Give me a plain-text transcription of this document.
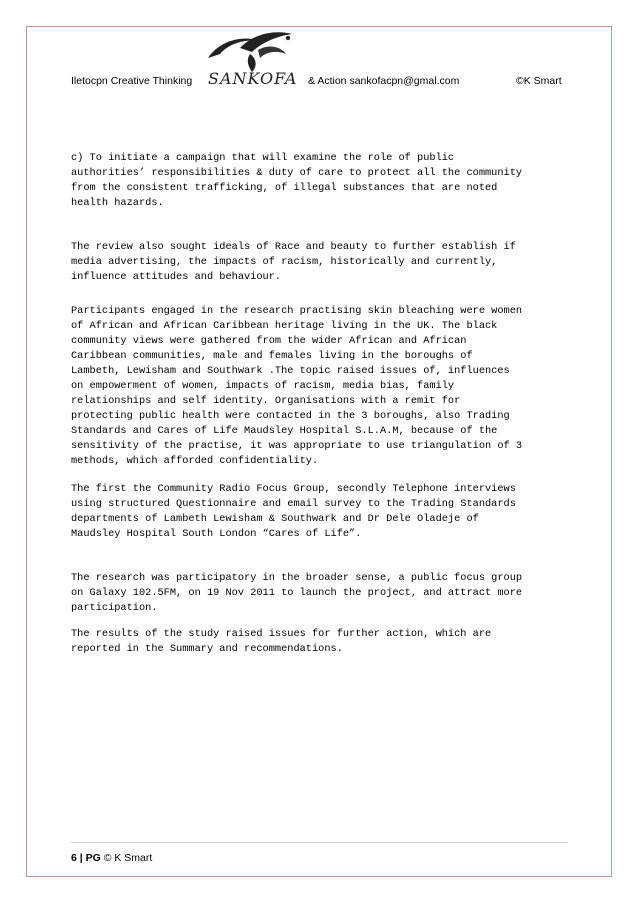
Iletocpn Creative Thinking	& Action sankofacpn@gmal.com	©K Smart
SANKOFA

c) To initiate a campaign that will examine the role of public
authorities’ responsibilities & duty of care to protect all the community
from the consistent trafficking, of illegal substances that are noted
health hazards.

The review also sought ideals of Race and beauty to further establish if
media advertising, the impacts of racism, historically and currently,
influence attitudes and behaviour.

Participants engaged in the research practising skin bleaching were women
of African and African Caribbean heritage living in the UK. The black
community views were gathered from the wider African and African
Caribbean communities, male and females living in the boroughs of
Lambeth, Lewisham and Southwark .The topic raised issues of, influences
on empowerment of women, impacts of racism, media bias, family
relationships and self identity. Organisations with a remit for
protecting public health were contacted in the 3 boroughs, also Trading
Standards and Cares of Life Maudsley Hospital S.L.A.M, because of the
sensitivity of the practise, it was appropriate to use triangulation of 3
methods, which afforded confidentiality.

The first the Community Radio Focus Group, secondly Telephone interviews
using structured Questionnaire and email survey to the Trading Standards
departments of Lambeth Lewisham & Southwark and Dr Dele Oladeje of
Maudsley Hospital South London “Cares of Life”.

The research was participatory in the broader sense, a public focus group
on Galaxy 102.5FM, on 19 Nov 2011 to launch the project, and attract more
participation.

The results of the study raised issues for further action, which are
reported in the Summary and recommendations.

6 | PG © K Smart
